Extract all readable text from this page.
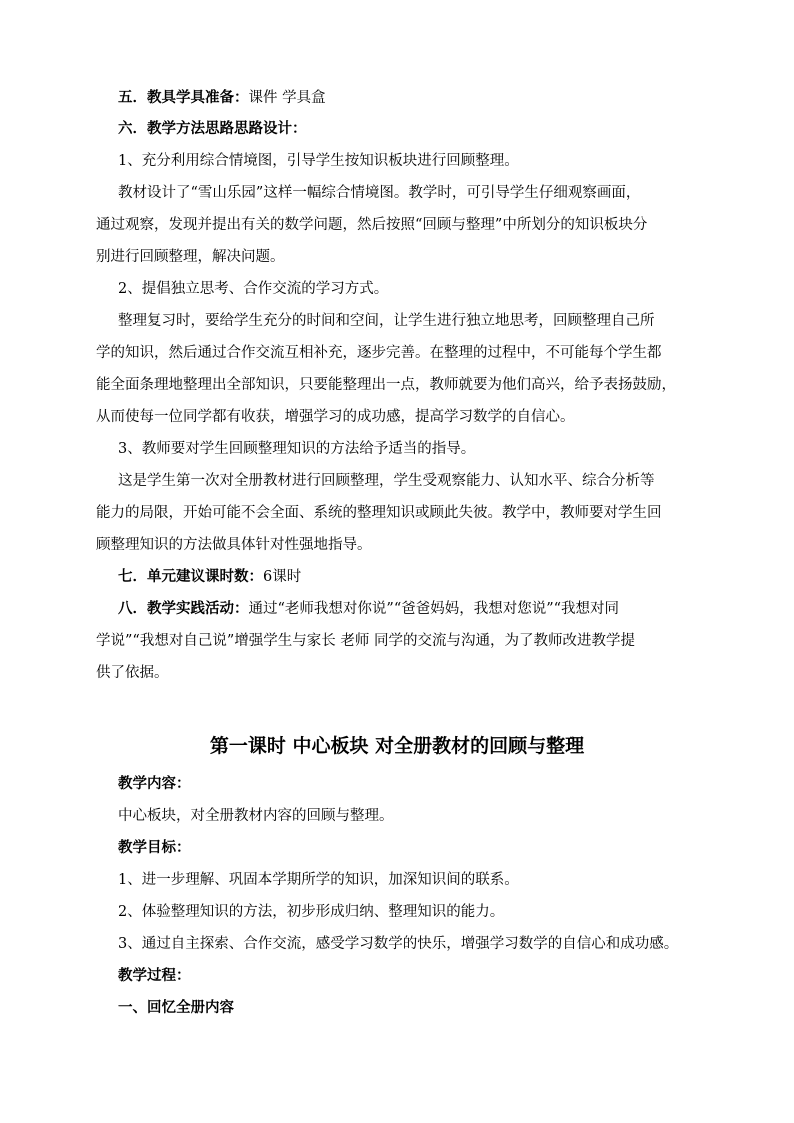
五．教具学具准备：课件 学具盒
六．教学方法思路思路设计：
1、充分利用综合情境图，引导学生按知识板块进行回顾整理。
教材设计了“雪山乐园”这样一幅综合情境图。教学时，可引导学生仔细观察画面，
通过观察，发现并提出有关的数学问题，然后按照“回顾与整理”中所划分的知识板块分
别进行回顾整理，解决问题。
2、提倡独立思考、合作交流的学习方式。
整理复习时，要给学生充分的时间和空间，让学生进行独立地思考，回顾整理自己所
学的知识，然后通过合作交流互相补充，逐步完善。在整理的过程中，不可能每个学生都
能全面条理地整理出全部知识，只要能整理出一点，教师就要为他们高兴，给予表扬鼓励，
从而使每一位同学都有收获，增强学习的成功感，提高学习数学的自信心。
3、教师要对学生回顾整理知识的方法给予适当的指导。
这是学生第一次对全册教材进行回顾整理，学生受观察能力、认知水平、综合分析等
能力的局限，开始可能不会全面、系统的整理知识或顾此失彼。教学中，教师要对学生回
顾整理知识的方法做具体针对性强地指导。
七．单元建议课时数：6课时
八．教学实践活动：通过“老师我想对你说”“爸爸妈妈，我想对您说”“我想对同
学说”“我想对自己说”增强学生与家长 老师 同学的交流与沟通，为了教师改进教学提
供了依据。
第一课时 中心板块 对全册教材的回顾与整理
教学内容：
中心板块，对全册教材内容的回顾与整理。
教学目标：
1、进一步理解、巩固本学期所学的知识，加深知识间的联系。
2、体验整理知识的方法，初步形成归纳、整理知识的能力。
3、通过自主探索、合作交流，感受学习数学的快乐，增强学习数学的自信心和成功感。
教学过程：
一、回忆全册内容
